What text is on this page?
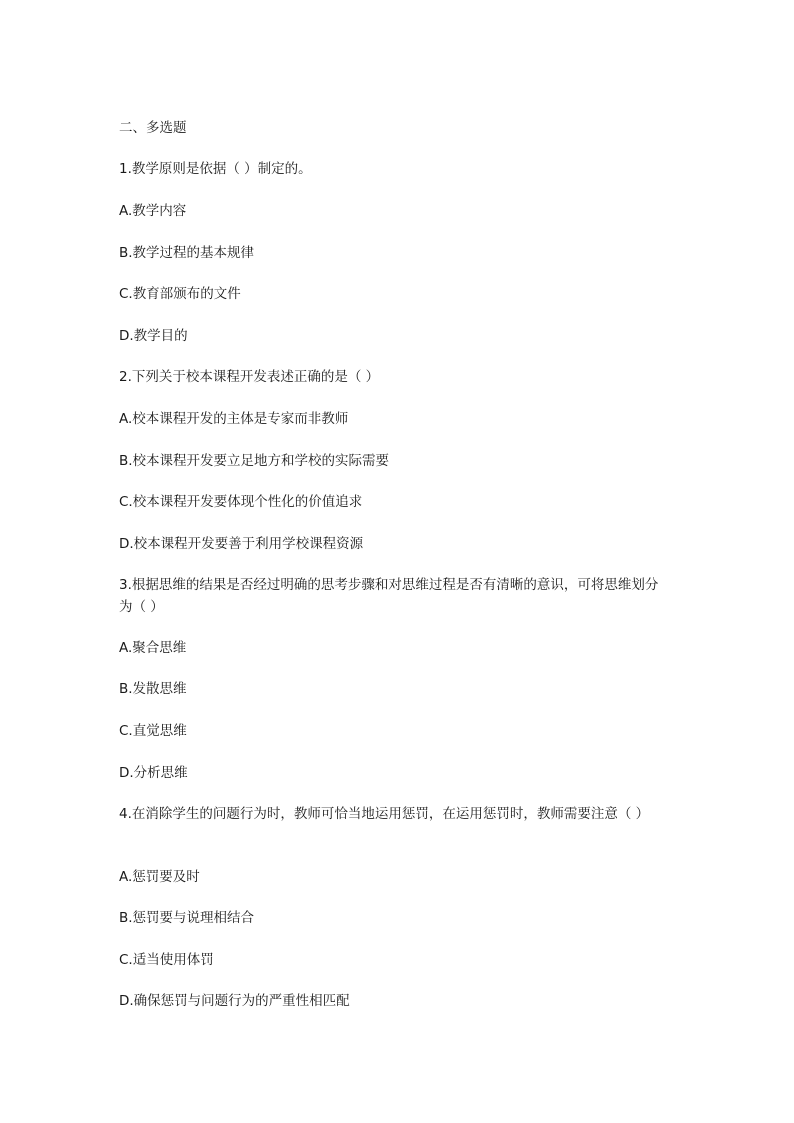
二、多选题
1.教学原则是依据（ ）制定的。
A.教学内容
B.教学过程的基本规律
C.教育部颁布的文件
D.教学目的
2.下列关于校本课程开发表述正确的是（ ）
A.校本课程开发的主体是专家而非教师
B.校本课程开发要立足地方和学校的实际需要
C.校本课程开发要体现个性化的价值追求
D.校本课程开发要善于利用学校课程资源
3.根据思维的结果是否经过明确的思考步骤和对思维过程是否有清晰的意识，可将思维划分为（ ）
A.聚合思维
B.发散思维
C.直觉思维
D.分析思维
4.在消除学生的问题行为时，教师可恰当地运用惩罚，在运用惩罚时，教师需要注意（ ）
A.惩罚要及时
B.惩罚要与说理相结合
C.适当使用体罚
D.确保惩罚与问题行为的严重性相匹配
